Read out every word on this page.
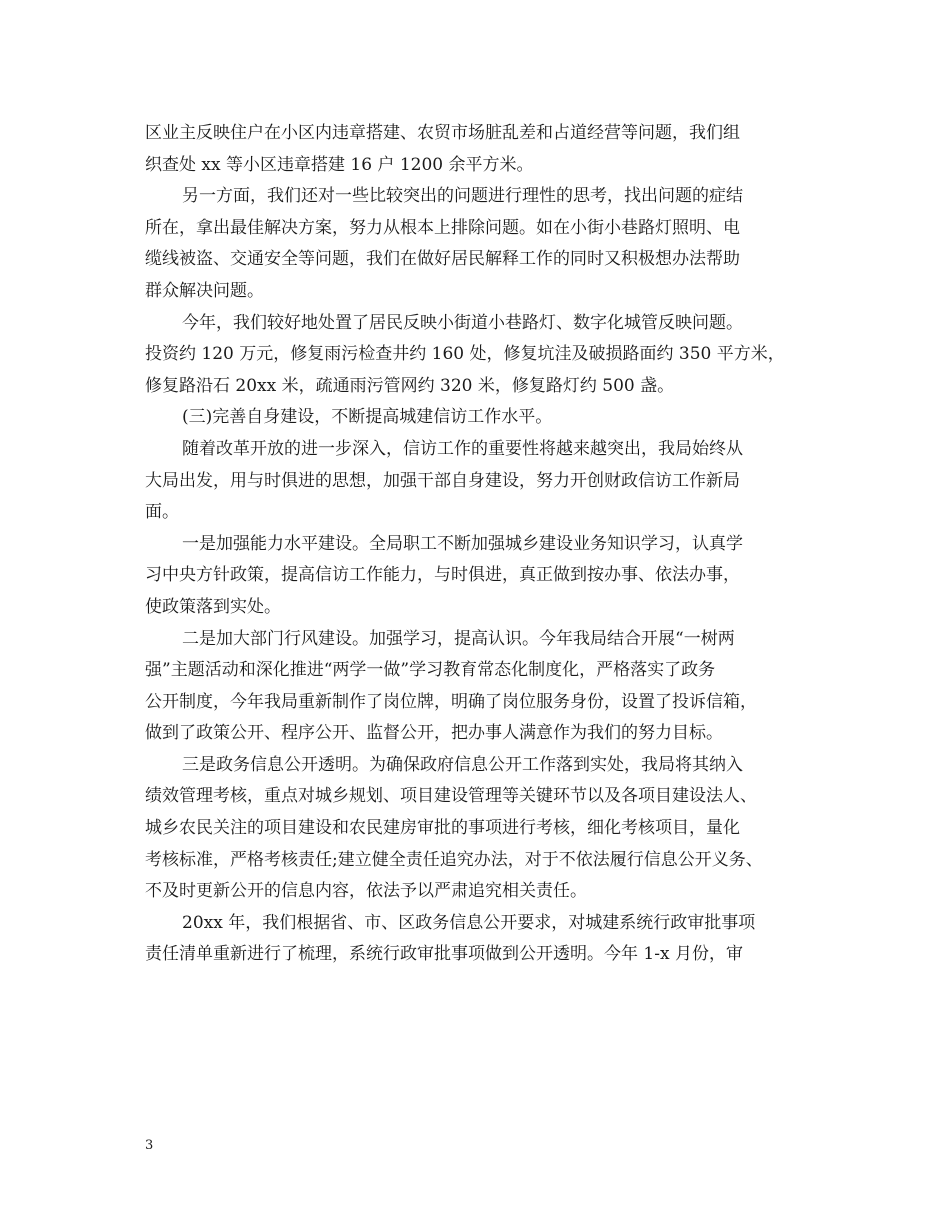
区业主反映住户在小区内违章搭建、农贸市场脏乱差和占道经营等问题，我们组
织查处 xx 等小区违章搭建 16 户 1200 余平方米。
另一方面，我们还对一些比较突出的问题进行理性的思考，找出问题的症结
所在，拿出最佳解决方案，努力从根本上排除问题。如在小街小巷路灯照明、电
缆线被盗、交通安全等问题，我们在做好居民解释工作的同时又积极想办法帮助
群众解决问题。
今年，我们较好地处置了居民反映小街道小巷路灯、数字化城管反映问题。
投资约 120 万元，修复雨污检查井约 160 处，修复坑洼及破损路面约 350 平方米，
修复路沿石 20xx 米，疏通雨污管网约 320 米，修复路灯约 500 盏。
(三)完善自身建设，不断提高城建信访工作水平。
随着改革开放的进一步深入，信访工作的重要性将越来越突出，我局始终从
大局出发，用与时俱进的思想，加强干部自身建设，努力开创财政信访工作新局
面。
一是加强能力水平建设。全局职工不断加强城乡建设业务知识学习，认真学
习中央方针政策，提高信访工作能力，与时俱进，真正做到按办事、依法办事，
使政策落到实处。
二是加大部门行风建设。加强学习，提高认识。今年我局结合开展“一树两
强”主题活动和深化推进“两学一做”学习教育常态化制度化，严格落实了政务
公开制度，今年我局重新制作了岗位牌，明确了岗位服务身份，设置了投诉信箱，
做到了政策公开、程序公开、监督公开，把办事人满意作为我们的努力目标。
三是政务信息公开透明。为确保政府信息公开工作落到实处，我局将其纳入
绩效管理考核，重点对城乡规划、项目建设管理等关键环节以及各项目建设法人、
城乡农民关注的项目建设和农民建房审批的事项进行考核，细化考核项目，量化
考核标准，严格考核责任;建立健全责任追究办法，对于不依法履行信息公开义务、
不及时更新公开的信息内容，依法予以严肃追究相关责任。
20xx 年，我们根据省、市、区政务信息公开要求，对城建系统行政审批事项
责任清单重新进行了梳理，系统行政审批事项做到公开透明。今年 1-x 月份，审
3
